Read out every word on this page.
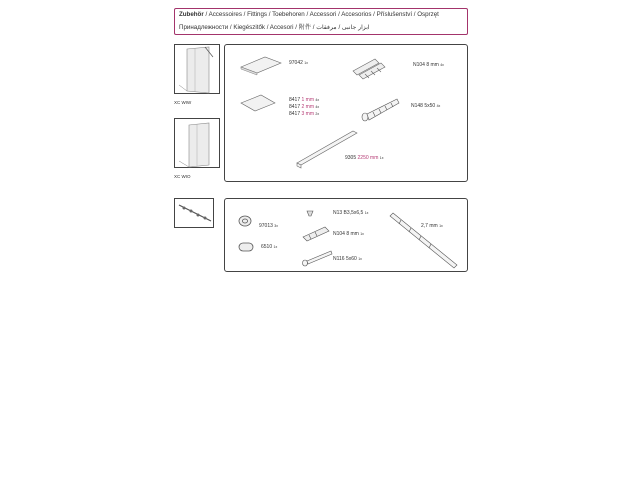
Zubehör / Accessoires / Fittings / Toebehoren / Accessori / Accesorios / Příslušenství / Osprzęt
Принадлежности / Kiegészitők / Accesori / 附件 / ابزار جانبی / مرفقات
XC WIW
XC WIO
97042 1x	N104 8 mm 4x
8417 1 mm 4x
8417 2 mm 4x
8417 3 mm 2x
N148 5x50 4x
9305 2250 mm 1x
97013 3x
6510 1x
N13 B3,5x6,5 1x
N104 8 mm 1x
N116 5x60 1x
2,7 mm 1x
